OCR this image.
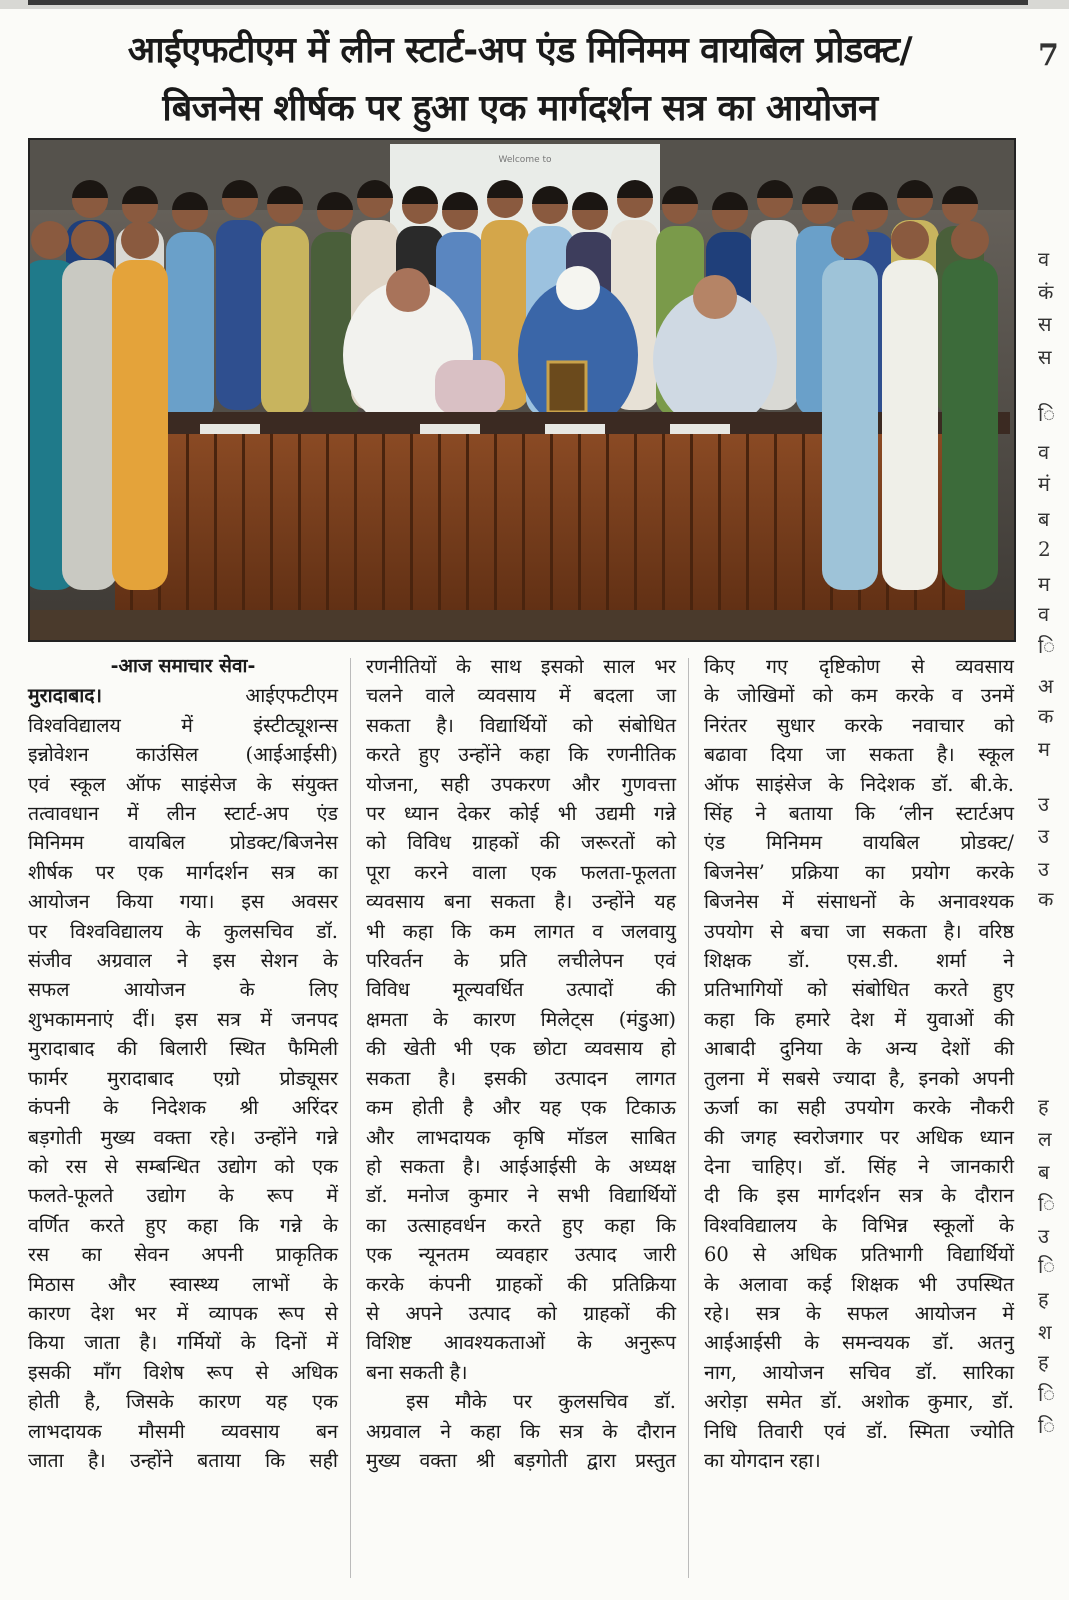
आईएफटीएम में लीन स्टार्ट-अप एंड मिनिमम वायबिल प्रोडक्ट/
बिजनेस शीर्षक पर हुआ एक मार्गदर्शन सत्र का आयोजन
7
व
कं
स
स
ि
व
मं
ब
2
म
व
ि
अ
क
म
उ
उ
उ
क
ह
ल
ब
ि
उ
ि
ह
श
ह
ि
ि
Welcome to

-आज समाचार सेवा-

मुरादाबाद।	आईएफटीएम

विश्वविद्यालय में इंस्टीट्यूशन्स

इन्नोवेशन काउंसिल (आईआईसी)

एवं स्कूल ऑफ साइंसेज के संयुक्त

तत्वावधान में लीन स्टार्ट-अप एंड

मिनिमम वायबिल प्रोडक्ट/बिजनेस

शीर्षक पर एक मार्गदर्शन सत्र का

आयोजन किया गया। इस अवसर

पर विश्वविद्यालय के कुलसचिव डॉ.

संजीव अग्रवाल ने इस सेशन के

सफल आयोजन के लिए

शुभकामनाएं दीं। इस सत्र में जनपद

मुरादाबाद की बिलारी स्थित फैमिली

फार्मर मुरादाबाद एग्रो प्रोड्यूसर

कंपनी के निदेशक श्री अरिंदर

बड़गोती मुख्य वक्ता रहे। उन्होंने गन्ने

को रस से सम्बन्धित उद्योग को एक

फलते-फूलते उद्योग के रूप में

वर्णित करते हुए कहा कि गन्ने के

रस का सेवन अपनी प्राकृतिक

मिठास और स्वास्थ्य लाभों के

कारण देश भर में व्यापक रूप से

किया जाता है। गर्मियों के दिनों में

इसकी माँग विशेष रूप से अधिक

होती है, जिसके कारण यह एक

लाभदायक मौसमी व्यवसाय बन

जाता है। उन्होंने बताया कि सही

रणनीतियों के साथ इसको साल भर

चलने वाले व्यवसाय में बदला जा

सकता है। विद्यार्थियों को संबोधित

करते हुए उन्होंने कहा कि रणनीतिक

योजना, सही उपकरण और गुणवत्ता

पर ध्यान देकर कोई भी उद्यमी गन्ने

को विविध ग्राहकों की जरूरतों को

पूरा करने वाला एक फलता-फूलता

व्यवसाय बना सकता है। उन्होंने यह

भी कहा कि कम लागत व जलवायु

परिवर्तन के प्रति लचीलेपन एवं

विविध मूल्यवर्धित उत्पादों की

क्षमता के कारण मिलेट्स (मंडुआ)

की खेती भी एक छोटा व्यवसाय हो

सकता है। इसकी उत्पादन लागत

कम होती है और यह एक टिकाऊ

और लाभदायक कृषि मॉडल साबित

हो सकता है। आईआईसी के अध्यक्ष

डॉ. मनोज कुमार ने सभी विद्यार्थियों

का उत्साहवर्धन करते हुए कहा कि

एक न्यूनतम व्यवहार उत्पाद जारी

करके कंपनी ग्राहकों की प्रतिक्रिया

से अपने उत्पाद को ग्राहकों की

विशिष्ट आवश्यकताओं के अनुरूप

बना सकती है।

इस मौके पर कुलसचिव डॉ.

अग्रवाल ने कहा कि सत्र के दौरान

मुख्य वक्ता श्री बड़गोती द्वारा प्रस्तुत

किए गए दृष्टिकोण से व्यवसाय

के जोखिमों को कम करके व उनमें

निरंतर सुधार करके नवाचार को

बढावा दिया जा सकता है। स्कूल

ऑफ साइंसेज के निदेशक डॉ. बी.के.

सिंह ने बताया कि ‘लीन स्टार्टअप

एंड मिनिमम वायबिल प्रोडक्ट/

बिजनेस’ प्रक्रिया का प्रयोग करके

बिजनेस में संसाधनों के अनावश्यक

उपयोग से बचा जा सकता है। वरिष्ठ

शिक्षक डॉ. एस.डी. शर्मा ने

प्रतिभागियों को संबोधित करते हुए

कहा कि हमारे देश में युवाओं की

आबादी दुनिया के अन्य देशों की

तुलना में सबसे ज्यादा है, इनको अपनी

ऊर्जा का सही उपयोग करके नौकरी

की जगह स्वरोजगार पर अधिक ध्यान

देना चाहिए। डॉ. सिंह ने जानकारी

दी कि इस मार्गदर्शन सत्र के दौरान

विश्वविद्यालय के विभिन्न स्कूलों के

60 से अधिक प्रतिभागी विद्यार्थियों

के अलावा कई शिक्षक भी उपस्थित

रहे। सत्र के सफल आयोजन में

आईआईसी के समन्वयक डॉ. अतनु

नाग, आयोजन सचिव डॉ. सारिका

अरोड़ा समेत डॉ. अशोक कुमार, डॉ.

निधि तिवारी एवं डॉ. स्मिता ज्योति

का योगदान रहा।
